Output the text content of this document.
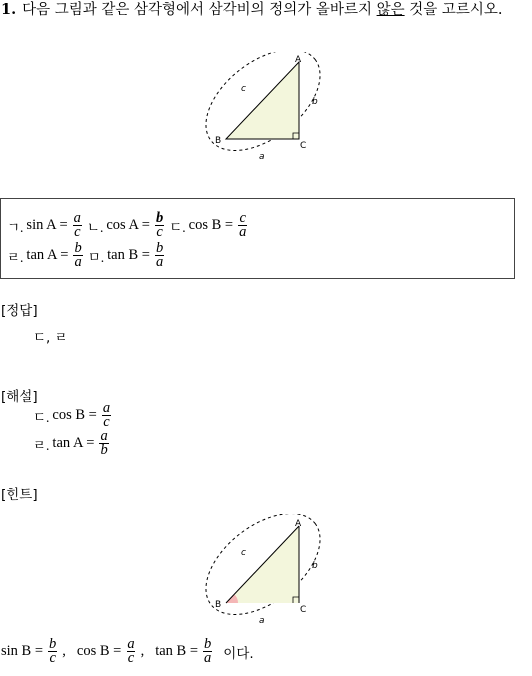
1. 다음 그림과 같은 삼각형에서 삼각비의 정의가 올바르지 않은 것을 고르시오.
A
B	C
a
b
c
ㄱ. $\sin A = \frac{a}{c}$ ㄴ. $\cos A = \frac{b}{c}$ ㄷ. $\cos B = \frac{c}{a}$
ㄹ. $\tan A = \frac{b}{a}$ ㅁ. $\tan B = \frac{b}{a}$
[정답]
ㄷ, ㄹ
[해설]
ㄷ. $\cos B = \frac{a}{c}$
ㄹ. $\tan A = \frac{a}{b}$
[힌트]
A
B	C
a
b
c
$\sin B = \frac{b}{c}$ , $\cos B = \frac{a}{c}$ , $\tan B = \frac{b}{a}$ 이다.
